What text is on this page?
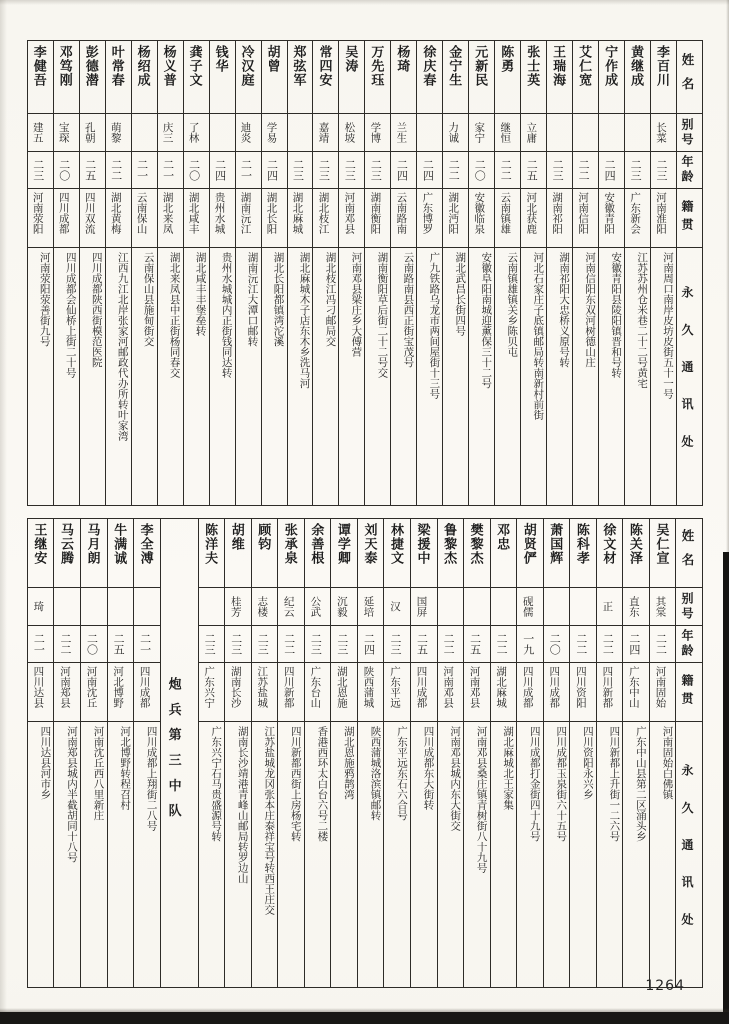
姓名
别号
年龄
籍贯
永久通讯处
李百川
长菜
二三
河南淮阳
河南周口南岸皮坊皮街五十一号
黄继成
二三
广东新会
江苏苏州仓米巷二十二号黄宅
宁作成
二四
安徽青阳
安徽青阳县陵阳镇晋和号转
艾仁宽
二二
河南信阳
河南信阳东双河树德山庄
王瑞海
二三
湖南祁阳
湖南祁阳大忠桥义原号转
张士英
立庸
二五
河北获鹿
河北石家庄子底镇邮局转南新村前街
陈勇
继恒
二二
云南镇雄
云南镇雄镇关乡陈贝屯
元新民
家宁
二〇
安徽临泉
安徽阜阳南城迎薰保三十二号
金宁生
力诚
二二
湖北沔阳
湖北武昌长街四号
徐庆春
二四
广东博罗
广九铁路乌龙市两间屋街十三号
杨琦
兰生
二四
云南路南
云南路南县西正街宝茂号
万先珏
学博
二三
湖南衡阳
湖南衡阳草后街二十二号交
吴涛
松坡
二三
河南邓县
河南邓县梁庄乡大傅营
常四安
嘉靖
二三
湖北枝江
湖北枝江冯刁邮局交
郑弦军
二三
湖北麻城
湖北麻城木子店东木乡洗马河
胡曾
学易
二四
湖北长阳
湖北长阳都镇湾沱溪
冷汉庭
迪炎
二一
湖南沅江
湖南沅江大潭口邮转
钱华
二四
贵州水城
贵州水城城内正街钱同达转
龚子文
了林
二〇
湖北咸丰
湖北咸丰丰堡垒转
杨义普
庆三
二一
湖北来凤
湖北来凤县中正街杨同春交
杨绍成
二一
云南保山
云南保山县施甸街交
叶常春
萌黎
二二
湖北黄梅
江西九江北岸张家河邮政代办所转叶家湾
彭德潜
孔朝
二五
四川双流
四川成都陕西街模范医院
邓笃刚
宝琛
二〇
四川成都
四川成都会仙桥上街二十号
李健吾
建五
二三
河南荥阳
河南荥阳荥善街九号
姓名
别号
年龄
籍贯
永久通讯处
吴仁宣
其棠
二二
河南固始
河南固始白佛镇
陈关泽
直东
二四
广东中山
广东中山县第二区涌头乡
徐文材
正
二二
四川新都
四川新都上升街一二六号
陈科孝
二二
四川资阳
四川资阳永兴乡
萧国辉
二〇
四川成都
四川成都玉泉街六十五号
胡贤俨
砚儒
一九
四川成都
四川成都打金街四十九号
邓忠
二二
湖北麻城
湖北麻城北王家集
樊黎杰
二五
河南邓县
河南邓县桑庄镇青树街八十九号
鲁黎杰
二二
河南邓县
河南邓县城内东大街交
梁援中
国屏
二五
四川成都
四川成都东大街转
林捷文
汉
二三
广东平远
广东平远东石六合号
刘天泰
延培
二四
陕西蒲城
陕西蒲城洛滨镇邮转
谭学卿
沉毅
二三
湖北恩施
湖北恩施鸦鹊湾
余善根
公武
二三
广东台山
香港西环太白台六号二楼
张承泉
纪云
二二
四川新都
四川新都西街上房杨宅转
顾钧
志楼
二三
江苏盐城
江苏盐城龙冈张本庄泰祥宝号转西王庄交
胡维
桂芳
二三
湖南长沙
湖南长沙靖港青峰山邮局转罗边山
陈洋夫
二三
广东兴宁
广东兴宁石马贵盛源号转
炮兵第三中队
李全溥
二一
四川成都
四川成都上翔街二八号
牛满诚
二五
河北博野
河北博野转程召村
马月朗
二〇
河南沈丘
河南沈丘西八里新庄
马云腾
二二
河南郑县
河南郑县城内半截胡同十八号
王继安
琦
二一
四川达县
四川达县河市乡
1264
